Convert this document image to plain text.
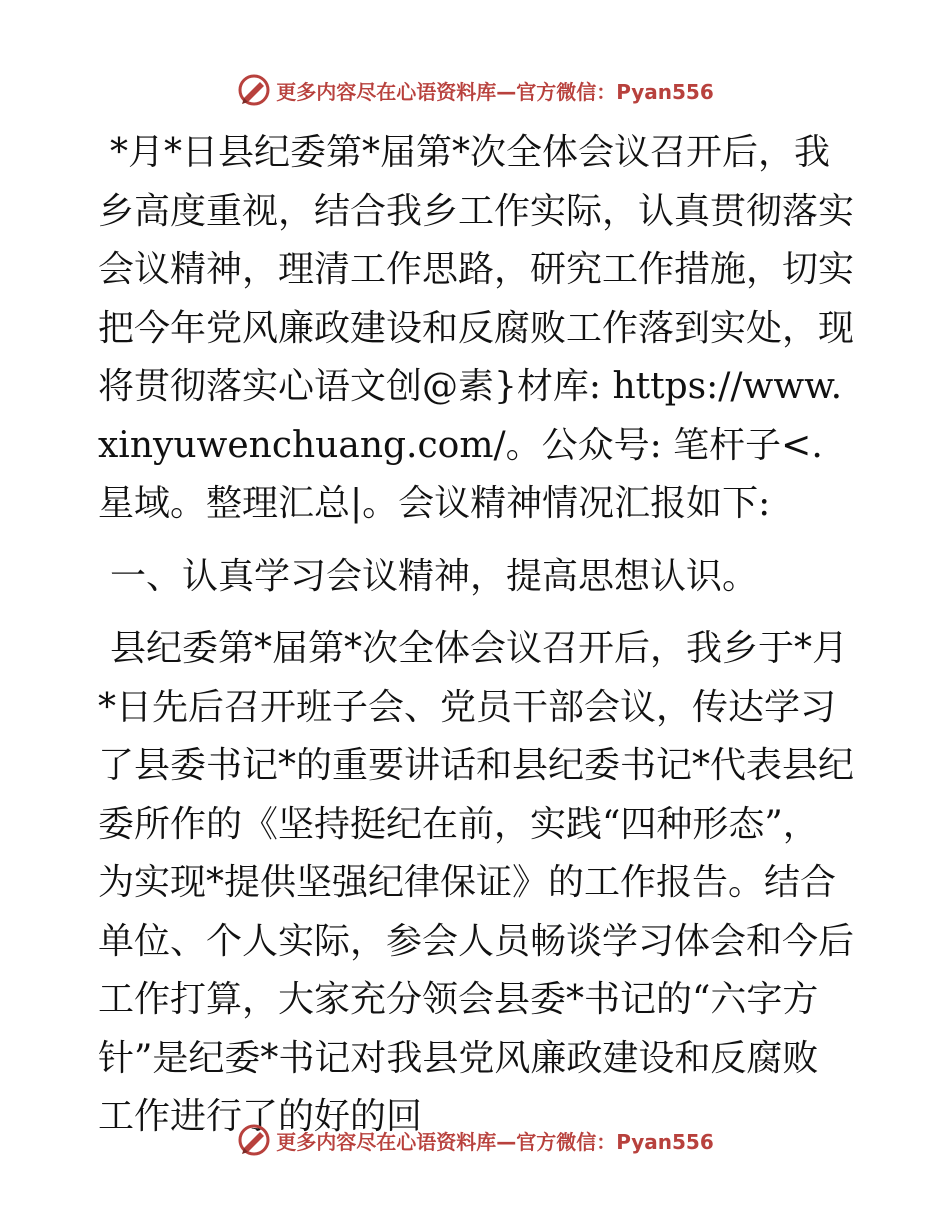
更多内容尽在心语资料库—官方微信：Pyan556

*月*日县纪委第*届第*次全体会议召开后，我乡高度重视，结合我乡工作实际，认真贯彻落实会议精神，理清工作思路，研究工作措施，切实把今年党风廉政建设和反腐败工作落到实处，现将贯彻落实心语文创@素}材库: https://www.xinyuwenchuang.com/。公众号: 笔杆子<.星域。整理汇总|。会议精神情况汇报如下:

一、认真学习会议精神，提高思想认识。

县纪委第*届第*次全体会议召开后，我乡于*月*日先后召开班子会、党员干部会议，传达学习了县委书记*的重要讲话和县纪委书记*代表县纪委所作的《坚持挺纪在前，实践“四种形态”，为实现*提供坚强纪律保证》的工作报告。结合单位、个人实际，参会人员畅谈学习体会和今后工作打算，大家充分领会县委*书记的“六字方针”是纪委*书记对我县党风廉政建设和反腐败工作进行了的好的回

更多内容尽在心语资料库—官方微信：Pyan556
